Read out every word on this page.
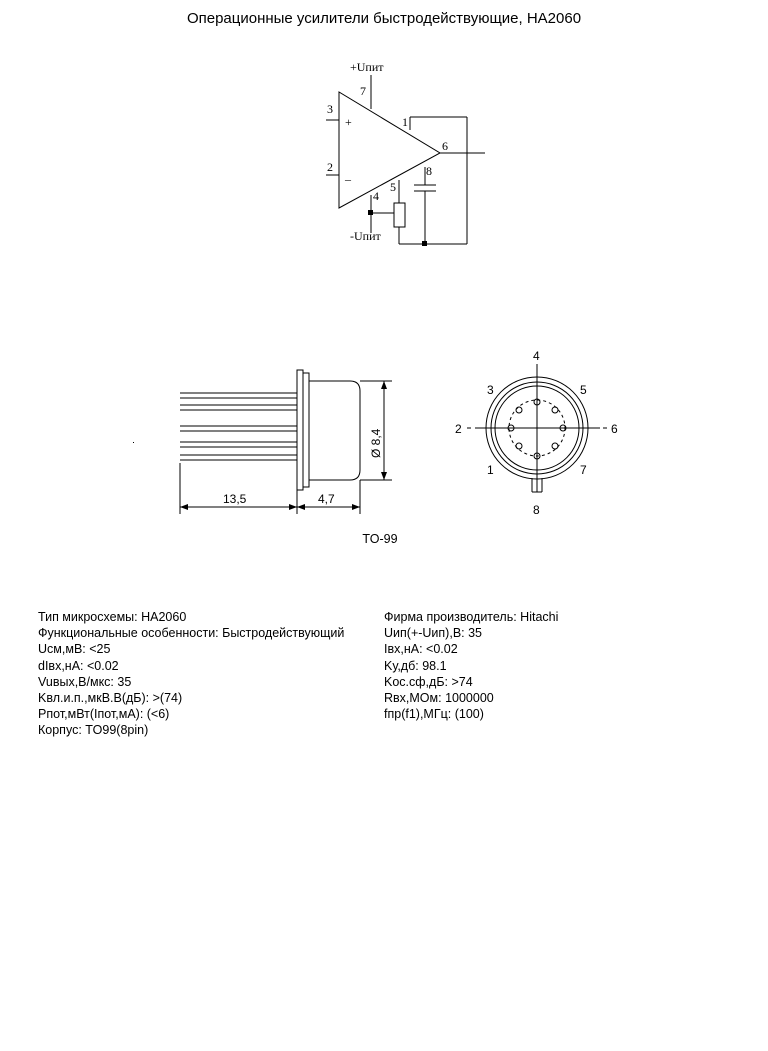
Операционные усилители быстродействующие, HA2060
+Uпит
-Uпит
+
–
7
3
2
1
6
4
5
8
13,5	4,7
Ø 8,4
4
3	5
2	6
1	7
8
TO-99
Тип микросхемы: HA2060
Функциональные особенности: Быстродействующий
Uсм,мВ: <25
dIвх,нА: <0.02
Vuвых,В/мкс: 35
Kвл.и.п.,мкВ.В(дБ): >(74)
Pпот,мВт(Iпот,мА): (<6)
Корпус: TO99(8pin)
Фирма производитель: Hitachi
Uип(+-Uип),В: 35
Iвх,нА: <0.02
Kу,дб: 98.1
Kос.сф,дБ: >74
Rвх,МОм: 1000000
fпр(f1),МГц: (100)
